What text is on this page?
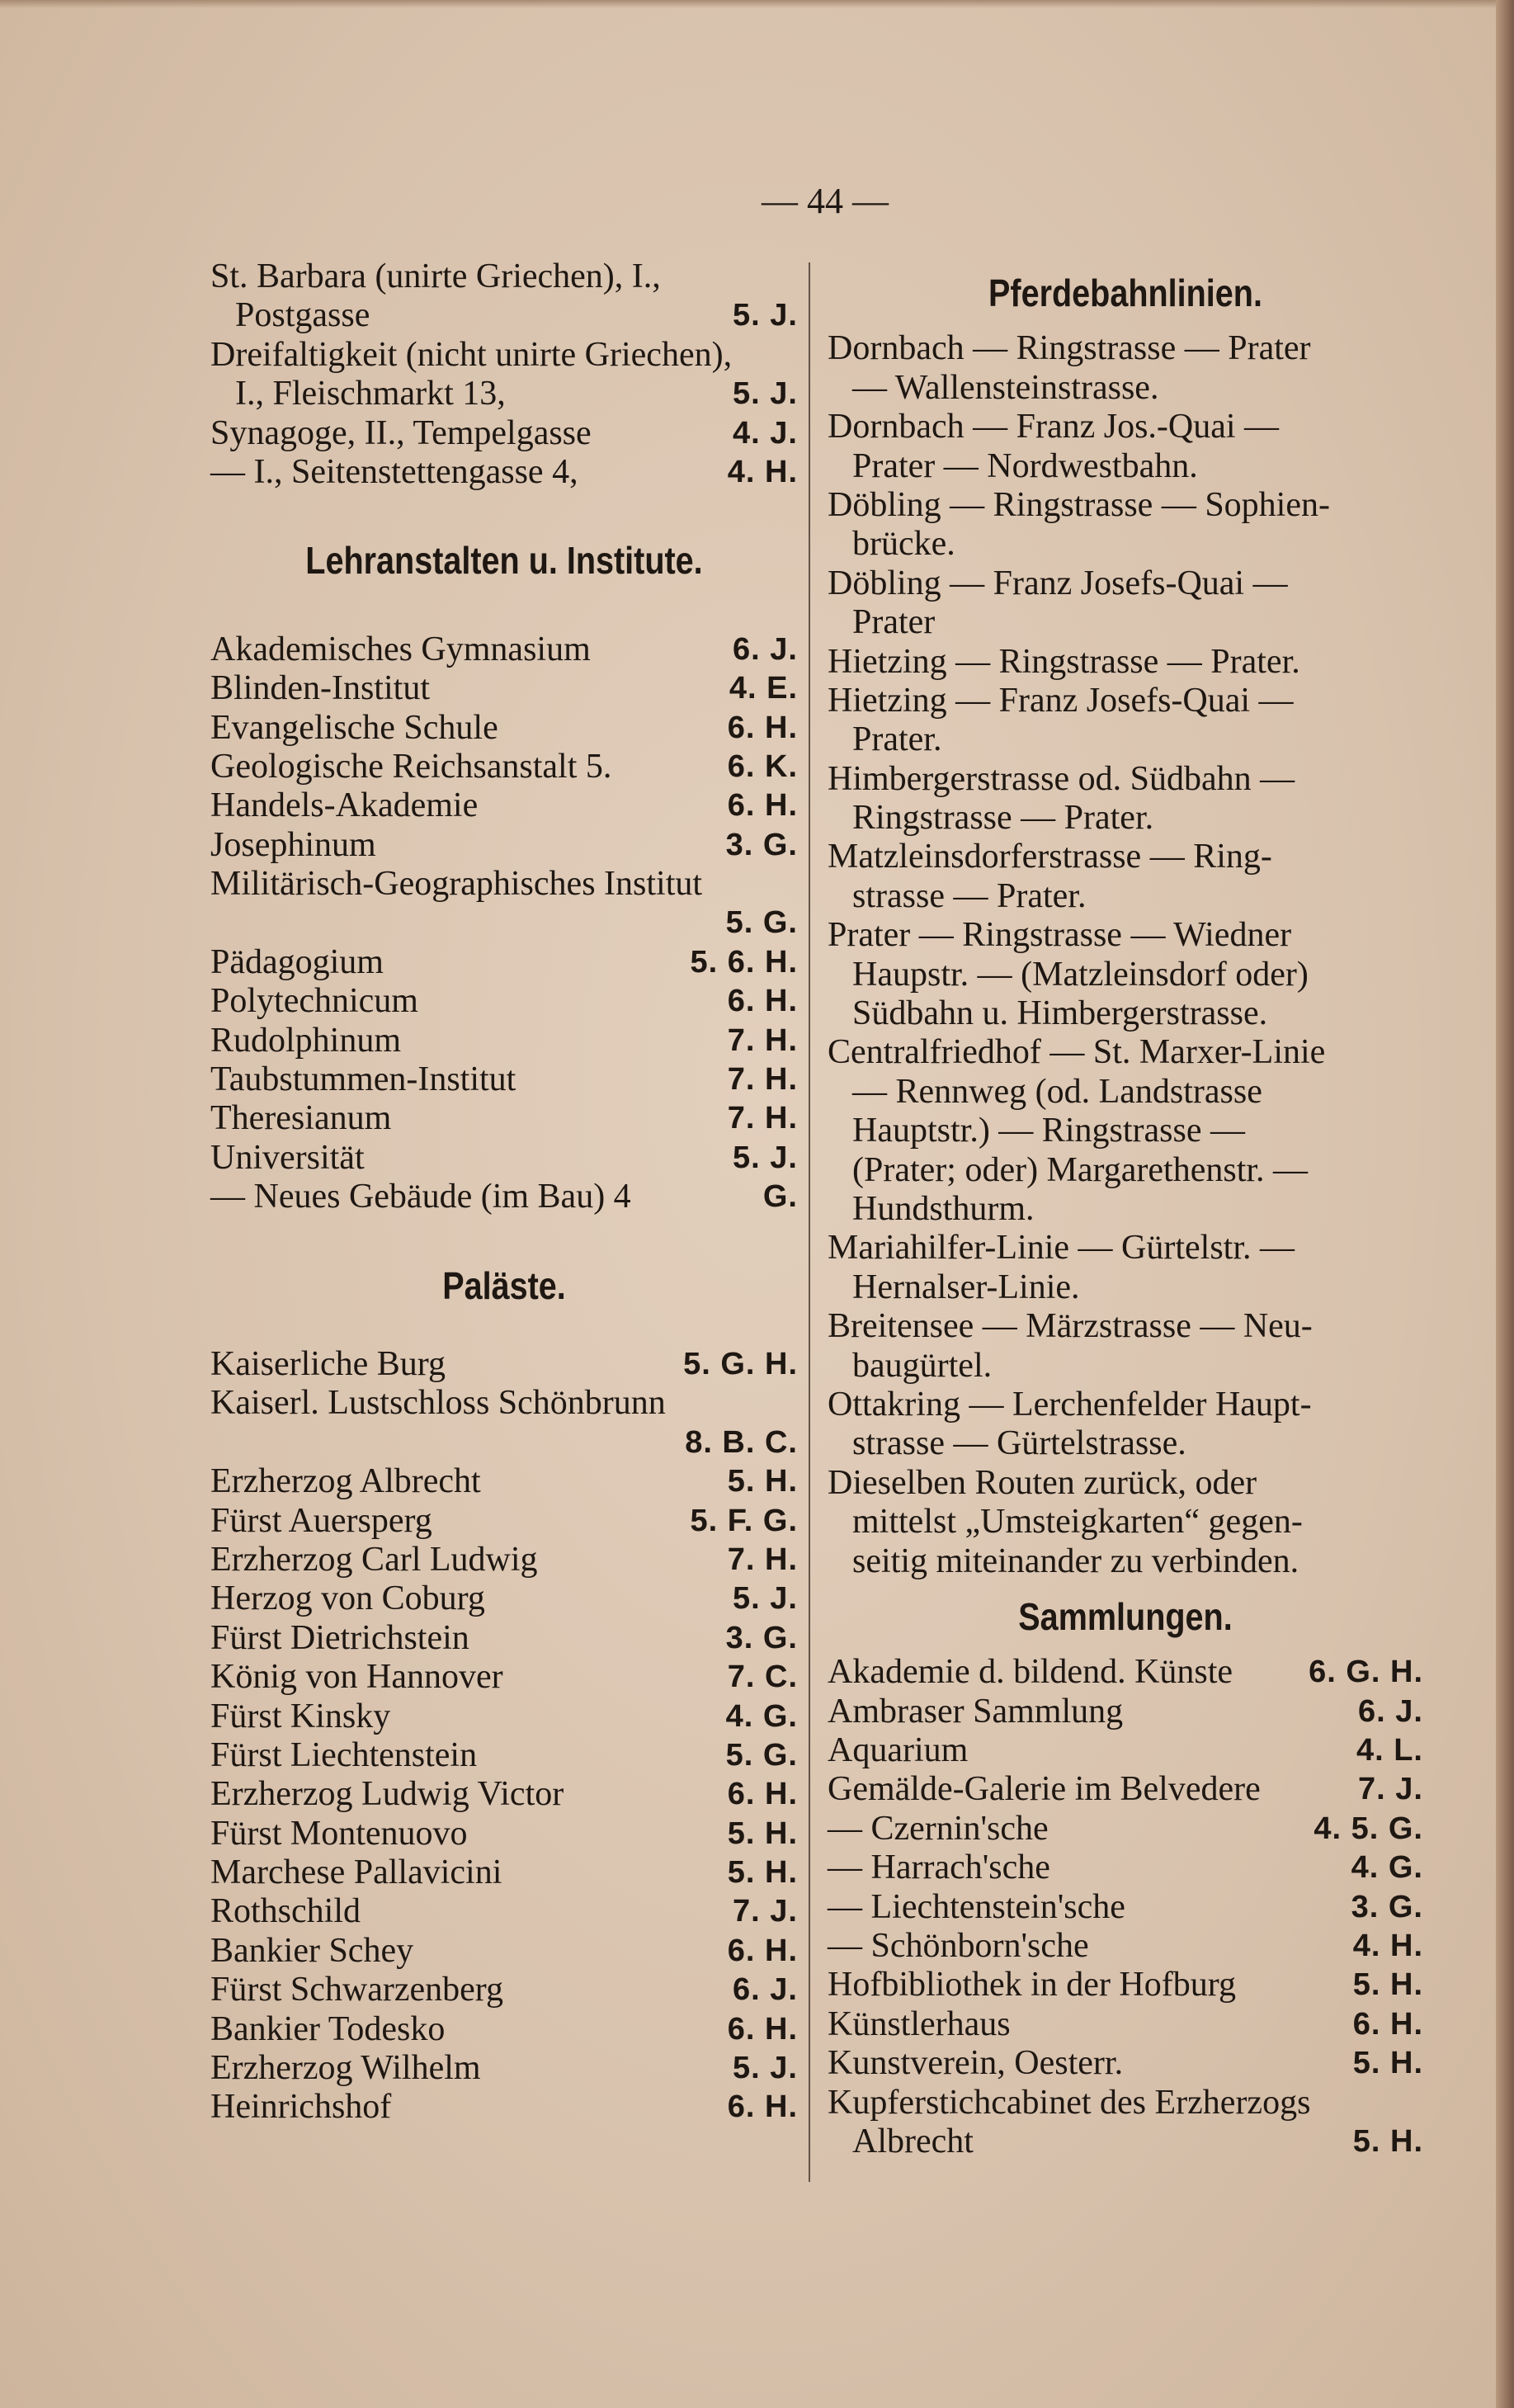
— 44 —
St. Barbara (unirte Griechen), I.,
Postgasse	5. J.
Dreifaltigkeit (nicht unirte Griechen),
I., Fleischmarkt 13,	5. J.
Synagoge, II., Tempelgasse	4. J.
— I., Seitenstettengasse 4,	4. H.
Lehranstalten u. Institute.
Akademisches Gymnasium	6. J.
Blinden-Institut	4. E.
Evangelische Schule	6. H.
Geologische Reichsanstalt 5.	6. K.
Handels-Akademie	6. H.
Josephinum	3. G.
Militärisch-Geographisches Institut
5. G.
Pädagogium	5. 6. H.
Polytechnicum	6. H.
Rudolphinum	7. H.
Taubstummen-Institut	7. H.
Theresianum	7. H.
Universität	5. J.
— Neues Gebäude (im Bau) 4	G.
Paläste.
Kaiserliche Burg	5. G. H.
Kaiserl. Lustschloss Schönbrunn
8. B. C.
Erzherzog Albrecht	5. H.
Fürst Auersperg	5. F. G.
Erzherzog Carl Ludwig	7. H.
Herzog von Coburg	5. J.
Fürst Dietrichstein	3. G.
König von Hannover	7. C.
Fürst Kinsky	4. G.
Fürst Liechtenstein	5. G.
Erzherzog Ludwig Victor	6. H.
Fürst Montenuovo	5. H.
Marchese Pallavicini	5. H.
Rothschild	7. J.
Bankier Schey	6. H.
Fürst Schwarzenberg	6. J.
Bankier Todesko	6. H.
Erzherzog Wilhelm	5. J.
Heinrichshof	6. H.
Pferdebahnlinien.
Dornbach — Ringstrasse — Prater
— Wallensteinstrasse.
Dornbach — Franz Jos.-Quai —
Prater — Nordwestbahn.
Döbling — Ringstrasse — Sophien-
brücke.
Döbling — Franz Josefs-Quai —
Prater
Hietzing — Ringstrasse — Prater.
Hietzing — Franz Josefs-Quai —
Prater.
Himbergerstrasse od. Südbahn —
Ringstrasse — Prater.
Matzleinsdorferstrasse — Ring-
strasse — Prater.
Prater — Ringstrasse — Wiedner
Haupstr. — (Matzleinsdorf oder)
Südbahn u. Himbergerstrasse.
Centralfriedhof — St. Marxer-Linie
— Rennweg (od. Landstrasse
Hauptstr.) — Ringstrasse —
(Prater; oder) Margarethenstr. —
Hundsthurm.
Mariahilfer-Linie — Gürtelstr. —
Hernalser-Linie.
Breitensee — Märzstrasse — Neu-
baugürtel.
Ottakring — Lerchenfelder Haupt-
strasse — Gürtelstrasse.
Dieselben Routen zurück, oder
mittelst „Umsteigkarten“ gegen-
seitig miteinander zu verbinden.
Sammlungen.
Akademie d. bildend. Künste 6. G. H.
Ambraser Sammlung	6. J.
Aquarium	4. L.
Gemälde-Galerie im Belvedere	7. J.
— Czernin'sche	4. 5. G.
— Harrach'sche	4. G.
— Liechtenstein'sche	3. G.
— Schönborn'sche	4. H.
Hofbibliothek in der Hofburg	5. H.
Künstlerhaus	6. H.
Kunstverein, Oesterr.	5. H.
Kupferstichcabinet des Erzherzogs
Albrecht	5. H.
